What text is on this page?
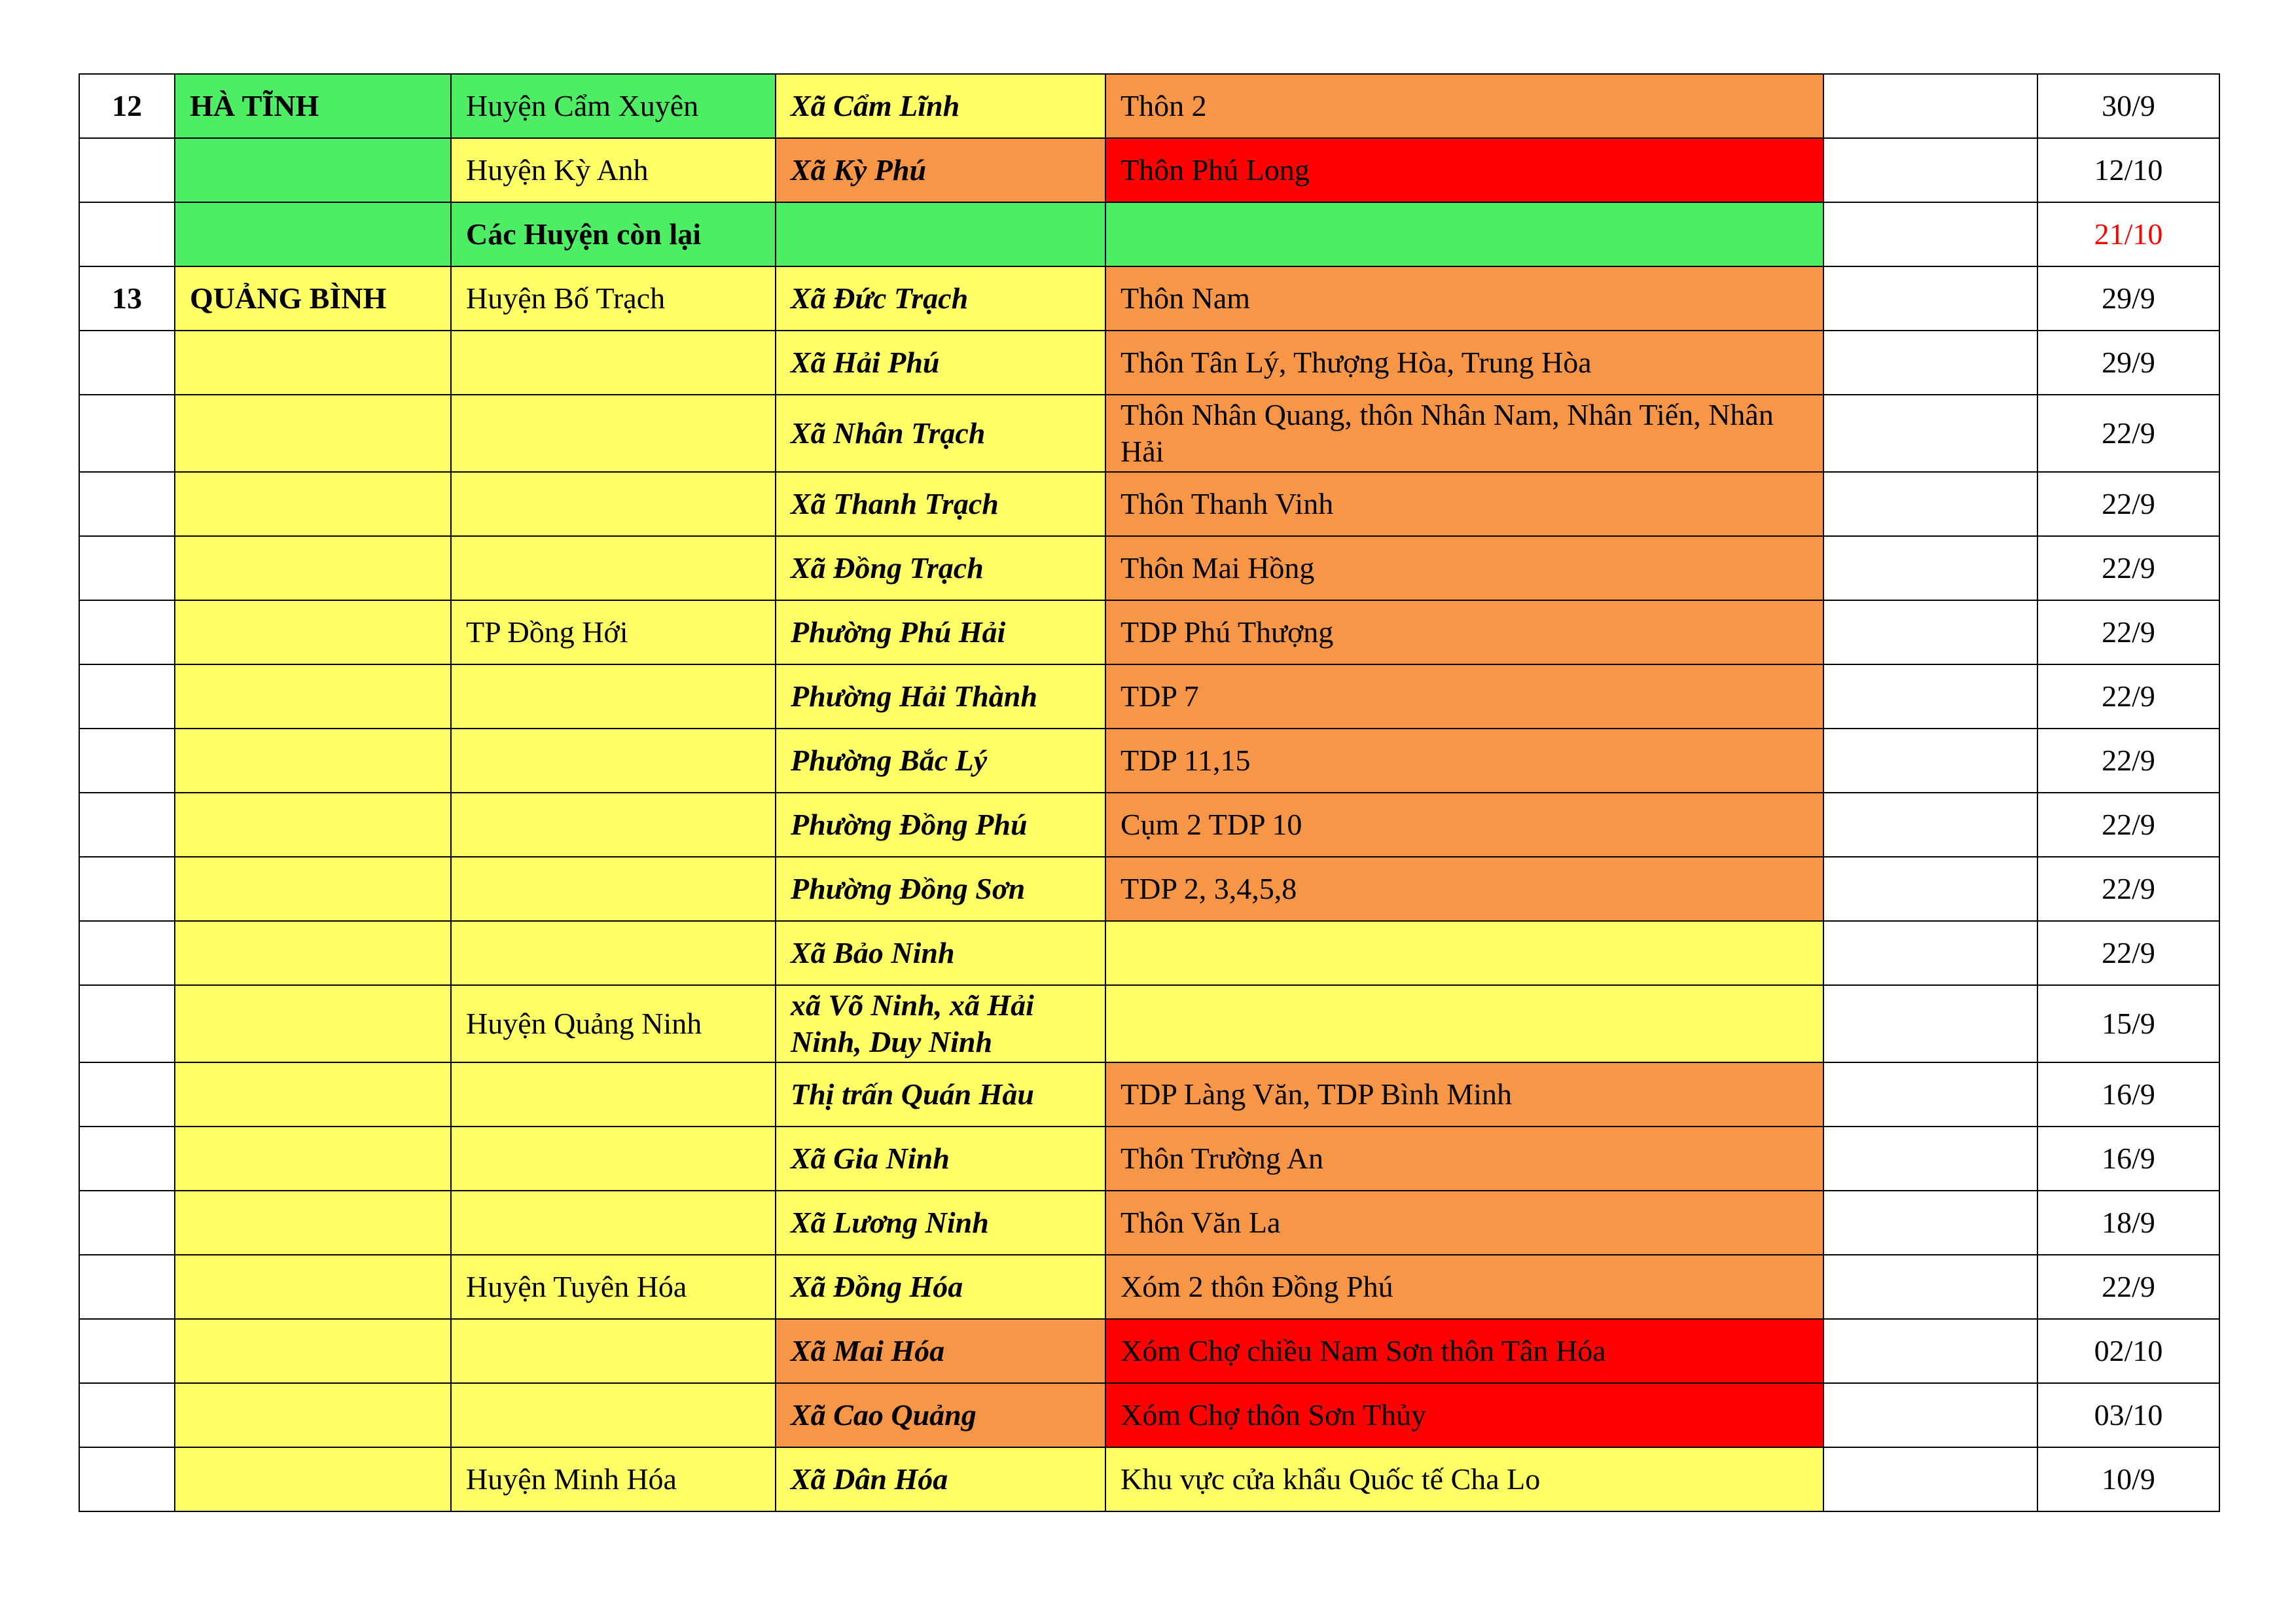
12	HÀ TĨNH	Huyện Cẩm Xuyên	Xã Cẩm Lĩnh	Thôn 2		30/9
		Huyện Kỳ Anh	Xã Kỳ Phú	Thôn Phú Long		12/10
		Các Huyện còn lại				21/10
13	QUẢNG BÌNH	Huyện Bố Trạch	Xã Đức Trạch	Thôn Nam		29/9
			Xã Hải Phú	Thôn Tân Lý, Thượng Hòa, Trung Hòa		29/9
			Xã Nhân Trạch	Thôn Nhân Quang, thôn Nhân Nam, Nhân Tiến, Nhân Hải		22/9
			Xã Thanh Trạch	Thôn Thanh Vinh		22/9
			Xã Đồng Trạch	Thôn Mai Hồng		22/9
		TP Đồng Hới	Phường Phú Hải	TDP Phú Thượng		22/9
			Phường Hải Thành	TDP 7		22/9
			Phường Bắc Lý	TDP 11,15		22/9
			Phường Đồng Phú	Cụm 2 TDP 10		22/9
			Phường Đồng Sơn	TDP 2, 3,4,5,8		22/9
			Xã Bảo Ninh			22/9
		Huyện Quảng Ninh	xã Võ Ninh, xã Hải Ninh, Duy Ninh			15/9
			Thị trấn Quán Hàu	TDP Làng Văn, TDP Bình Minh		16/9
			Xã Gia Ninh	Thôn Trường An		16/9
			Xã Lương Ninh	Thôn Văn La		18/9
		Huyện Tuyên Hóa	Xã Đồng Hóa	Xóm 2 thôn Đồng Phú		22/9
			Xã Mai Hóa	Xóm Chợ chiều Nam Sơn thôn Tân Hóa		02/10
			Xã Cao Quảng	Xóm Chợ thôn Sơn Thủy		03/10
		Huyện Minh Hóa	Xã Dân Hóa	Khu vực cửa khẩu Quốc tế Cha Lo		10/9
